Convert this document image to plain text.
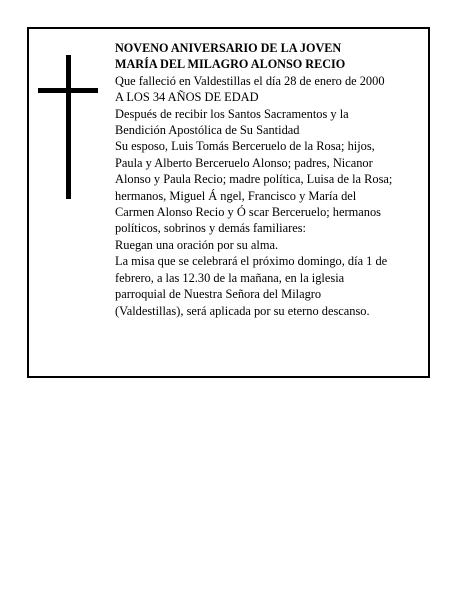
NOVENO ANIVERSARIO DE LA JOVEN
MARÍA DEL MILAGRO ALONSO RECIO
Que falleció en Valdestillas el día 28 de enero de 2000
A LOS 34 AÑOS DE EDAD
Después de recibir los Santos Sacramentos y la
Bendición Apostólica de Su Santidad
Su esposo, Luis Tomás Berceruelo de la Rosa; hijos,
Paula y Alberto Berceruelo Alonso; padres, Nicanor
Alonso y Paula Recio; madre política, Luisa de la Rosa;
hermanos, Miguel Á ngel, Francisco y María del
Carmen Alonso Recio y Ó scar Berceruelo; hermanos
políticos, sobrinos y demás familiares:
Ruegan una oración por su alma.
La misa que se celebrará el próximo domingo, día 1 de
febrero, a las 12.30 de la mañana, en la iglesia
parroquial de Nuestra Señora del Milagro
(Valdestillas), será aplicada por su eterno descanso.
